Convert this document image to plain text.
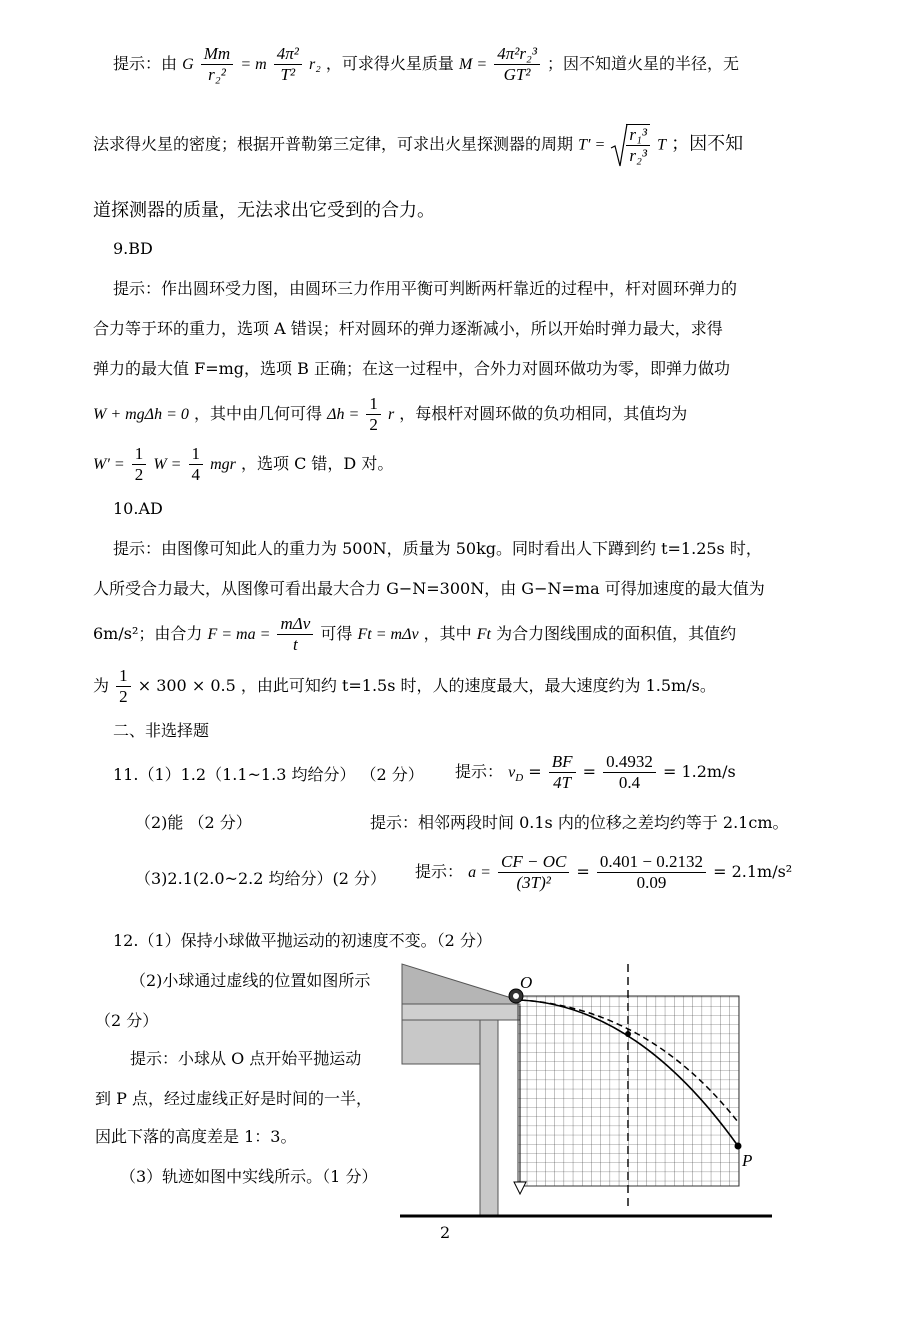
提示：由 G $\frac{Mm}{\text{r₂²}} = m \frac{\text{4π²}}{\text{T²}} r_2$ ，可求得火星质量 $M = \frac{\text{4π²r₂³}}{\text{GT²}}$ ；因不知道火星的半径，无
法求得火星的密度；根据开普勒第三定律，可求出火星探测器的周期 $T' = \frac{\text{r₁³}}{\text{r₂³}}$ T ；因不知
道探测器的质量，无法求出它受到的合力。
9.BD
提示：作出圆环受力图，由圆环三力作用平衡可判断两杆靠近的过程中，杆对圆环弹力的
合力等于环的重力，选项 A 错误；杆对圆环的弹力逐渐减小，所以开始时弹力最大，求得
弹力的最大值 F=mg，选项 B 正确；在这一过程中，合外力对圆环做功为零，即弹力做功
W + mgΔh = 0 ，其中由几何可得 $\Delta h = \frac{1}{2}$ r ，每根杆对圆环做的负功相同，其值均为
$W' = \frac{1}{2}$ $W = \frac{1}{4}$ mgr ，选项 C 错，D 对。
10.AD
提示：由图像可知此人的重力为 500N，质量为 50kg。同时看出人下蹲到约 t=1.25s 时，
人所受合力最大，从图像可看出最大合力 G−N=300N，由 G−N=ma 可得加速度的最大值为
6m/s²；由合力 F = ma = $\frac{\text{mΔv}}{t}$ 可得 Ft = mΔv ，其中 Ft 为合力图线围成的面积值，其值约
为 $\frac{1}{2} \times 300 \times 0.5$ ，由此可知约 t=1.5s 时，人的速度最大，最大速度约为 1.5m/s。
二、非选择题
11.（1）1.2（1.1~1.3 均给分） （2 分） 提示： $v_D = \frac{BF}{4T} = \frac{0.4932}{0.4} = 1.2m/s$
（2)能 （2 分）	提示：相邻两段时间 0.1s 内的位移之差均约等于 2.1cm。
（3)2.1(2.0~2.2 均给分）(2 分） 提示： $a = \frac{CF - OC}{\text{(3T)²}} = \frac{0.401 - 0.2132}{0.09} = 2.1m/s^2$
12.（1）保持小球做平抛运动的初速度不变。（2 分）
（2)小球通过虚线的位置如图所示
（2 分）
提示：小球从 O 点开始平抛运动
到 P 点，经过虚线正好是时间的一半，
因此下落的高度差是 1：3。
（3）轨迹如图中实线所示。（1 分）
O
P
2
